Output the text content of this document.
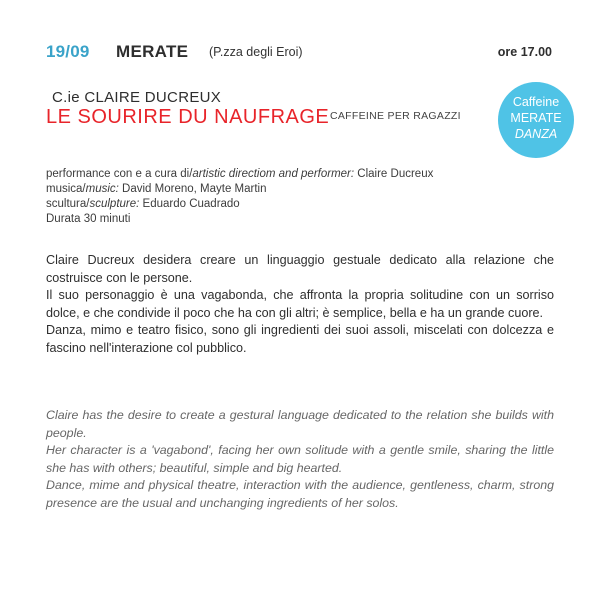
19/09 MERATE (P.zza degli Eroi)	ore 17.00
C.ie CLAIRE DUCREUX
LE SOURIRE DU NAUFRAGE CAFFEINE PER RAGAZZI
Caffeine
MERATE
DANZA
performance con e a cura di/artistic directiom and performer: Claire Ducreux
musica/music: David Moreno, Mayte Martin
scultura/sculpture: Eduardo Cuadrado
Durata 30 minuti

Claire Ducreux desidera creare un linguaggio gestuale dedicato alla relazione che costruisce con le persone.

Il suo personaggio è una vagabonda, che affronta la propria solitudine con un sorriso dolce, e che condivide il poco che ha con gli altri; è semplice, bella e ha un grande cuore.

Danza, mimo e teatro fisico, sono gli ingredienti dei suoi assoli, miscelati con dolcezza e fascino nell'interazione col pubblico.

Claire has the desire to create a gestural language dedicated to the relation she builds with people.

Her character is a 'vagabond', facing her own solitude with a gentle smile, sharing the little she has with others; beautiful, simple and big hearted.

Dance, mime and physical theatre, interaction with the audience, gentleness, charm, strong presence are the usual and unchanging ingredients of her solos.
